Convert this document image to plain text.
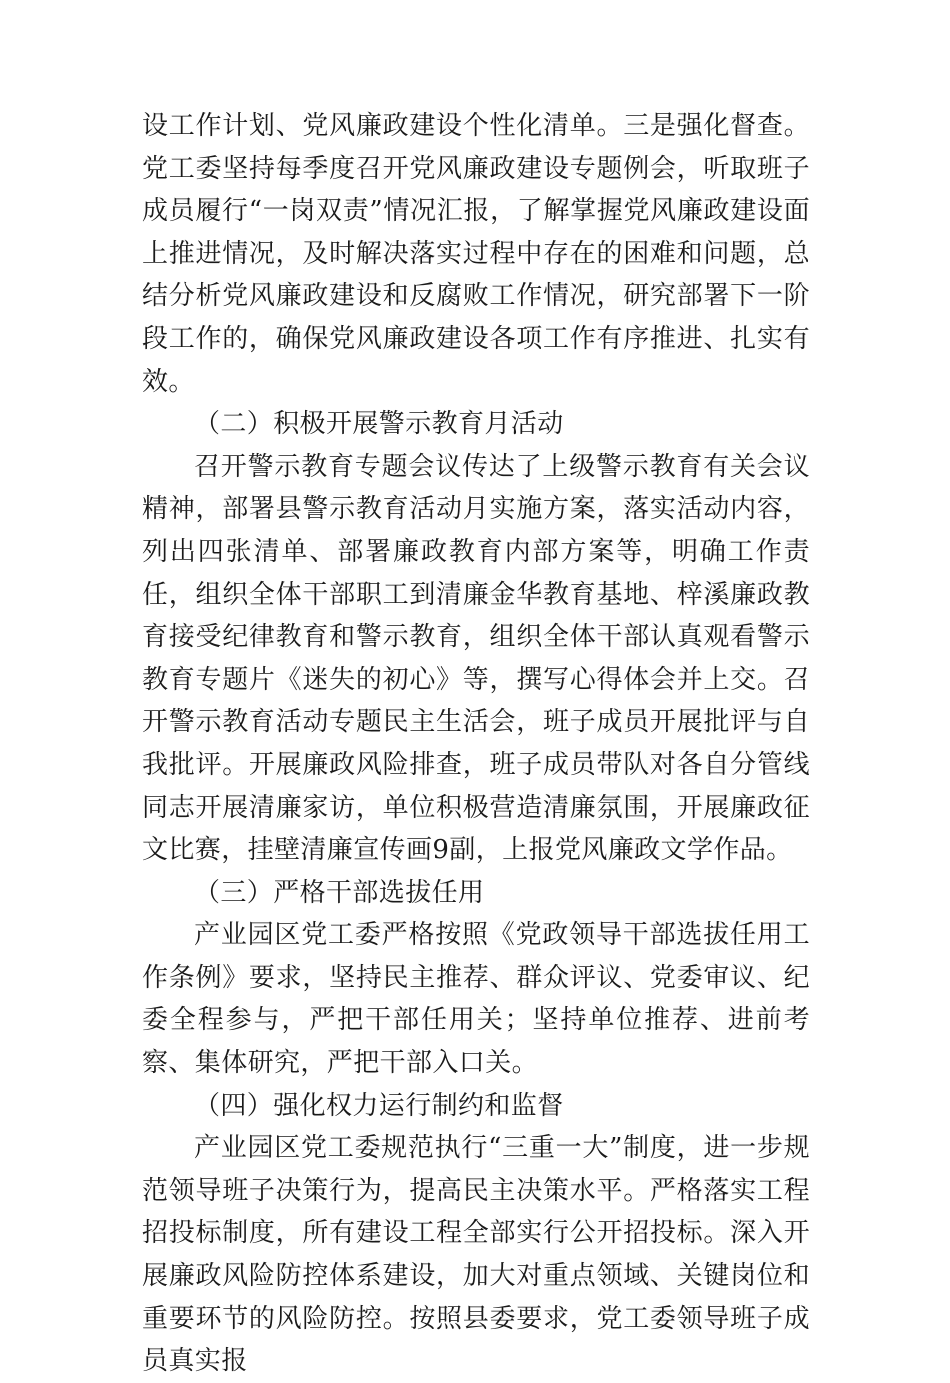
设工作计划、党风廉政建设个性化清单。三是强化督查。党工委坚持每季度召开党风廉政建设专题例会，听取班子成员履行“一岗双责”情况汇报，了解掌握党风廉政建设面上推进情况，及时解决落实过程中存在的困难和问题，总结分析党风廉政建设和反腐败工作情况，研究部署下一阶段工作的，确保党风廉政建设各项工作有序推进、扎实有效。

（二）积极开展警示教育月活动

召开警示教育专题会议传达了上级警示教育有关会议精神，部署县警示教育活动月实施方案，落实活动内容，列出四张清单、部署廉政教育内部方案等，明确工作责任，组织全体干部职工到清廉金华教育基地、梓溪廉政教育接受纪律教育和警示教育，组织全体干部认真观看警示教育专题片《迷失的初心》等，撰写心得体会并上交。召开警示教育活动专题民主生活会，班子成员开展批评与自我批评。开展廉政风险排查，班子成员带队对各自分管线同志开展清廉家访，单位积极营造清廉氛围，开展廉政征文比赛，挂壁清廉宣传画9副，上报党风廉政文学作品。

（三）严格干部选拔任用

产业园区党工委严格按照《党政领导干部选拔任用工作条例》要求，坚持民主推荐、群众评议、党委审议、纪委全程参与，严把干部任用关；坚持单位推荐、进前考察、集体研究，严把干部入口关。

（四）强化权力运行制约和监督

产业园区党工委规范执行“三重一大”制度，进一步规范领导班子决策行为，提高民主决策水平。严格落实工程招投标制度，所有建设工程全部实行公开招投标。深入开展廉政风险防控体系建设，加大对重点领域、关键岗位和重要环节的风险防控。按照县委要求，党工委领导班子成员真实报
